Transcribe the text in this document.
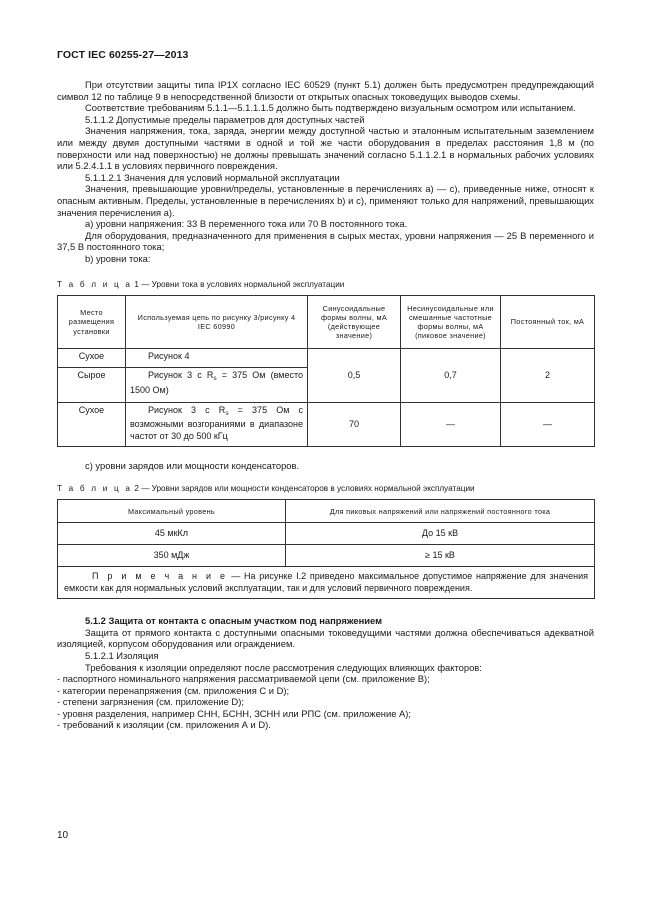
ГОСТ IEC 60255-27—2013

При отсутствии защиты типа IP1X согласно IEC 60529 (пункт 5.1) должен быть предусмотрен предупреждающий символ 12 по таблице 9 в непосредственной близости от открытых опасных токоведущих выводов схемы.

Соответствие требованиям 5.1.1—5.1.1.1.5 должно быть подтверждено визуальным осмотром или испытанием.

5.1.1.2 Допустимые пределы параметров для доступных частей

Значения напряжения, тока, заряда, энергии между доступной частью и эталонным испытательным заземлением или между двумя доступными частями в одной и той же части оборудования в пределах расстояния 1,8 м (по поверхности или над поверхностью) не должны превышать значений согласно 5.1.1.2.1 в нормальных рабочих условиях или 5.2.4.1.1 в условиях первичного повреждения.

5.1.1.2.1 Значения для условий нормальной эксплуатации

Значения, превышающие уровни/пределы, установленные в перечислениях а) — с), приведенные ниже, относят к опасным активным. Пределы, установленные в перечислениях b) и с), применяют только для напряжений, превышающих значения перечисления а).

а) уровни напряжения: 33 В переменного тока или 70 В постоянного тока.

Для оборудования, предназначенного для применения в сырых местах, уровни напряжения — 25 В переменного и 37,5 В постоянного тока;

b) уровни тока:

Т а б л и ц а 1 — Уровни тока в условиях нормальной эксплуатации
Место размещения установки	Используемая цепь по рисунку 3/рисунку 4 IEC 60990	Синусоидальные формы волны, мА (действующее значение)	Несинусоидальные или смешанные частотные формы волны, мА (пиковое значение)	Постоянный ток, мА
Сухое	Рисунок 4	0,5	0,7	2
Сырое	Рисунок 3 с $R_s = 375$ Ом (вместо 1500 Ом)			
Сухое	Рисунок 3 с $R_s = 375$ Ом с возможными возгораниями в диапазоне частот от 30 до 500 кГц	70	—	—

с) уровни зарядов или мощности конденсаторов.

Т а б л и ц а 2 — Уровни зарядов или мощности конденсаторов в условиях нормальной эксплуатации
Максимальный уровень	Для пиковых напряжений или напряжений постоянного тока
45 мкКл	До 15 кВ
350 мДж	≥ 15 кВ
П р и м е ч а н и е — На рисунке I.2 приведено максимальное допустимое напряжение для значения емкости как для нормальных условий эксплуатации, так и для условий первичного повреждения.	

5.1.2 Защита от контакта с опасным участком под напряжением

Защита от прямого контакта с доступными опасными токоведущими частями должна обеспечиваться адекватной изоляцией, корпусом оборудования или ограждением.

5.1.2.1 Изоляция

Требования к изоляции определяют после рассмотрения следующих влияющих факторов:

- паспортного номинального напряжения рассматриваемой цепи (см. приложение В);

- категории перенапряжения (см. приложения С и D);

- степени загрязнения (см. приложение D);

- уровня разделения, например СНН, БСНН, ЗСНН или РПС (см. приложение А);

- требований к изоляции (см. приложения А и D).

10
